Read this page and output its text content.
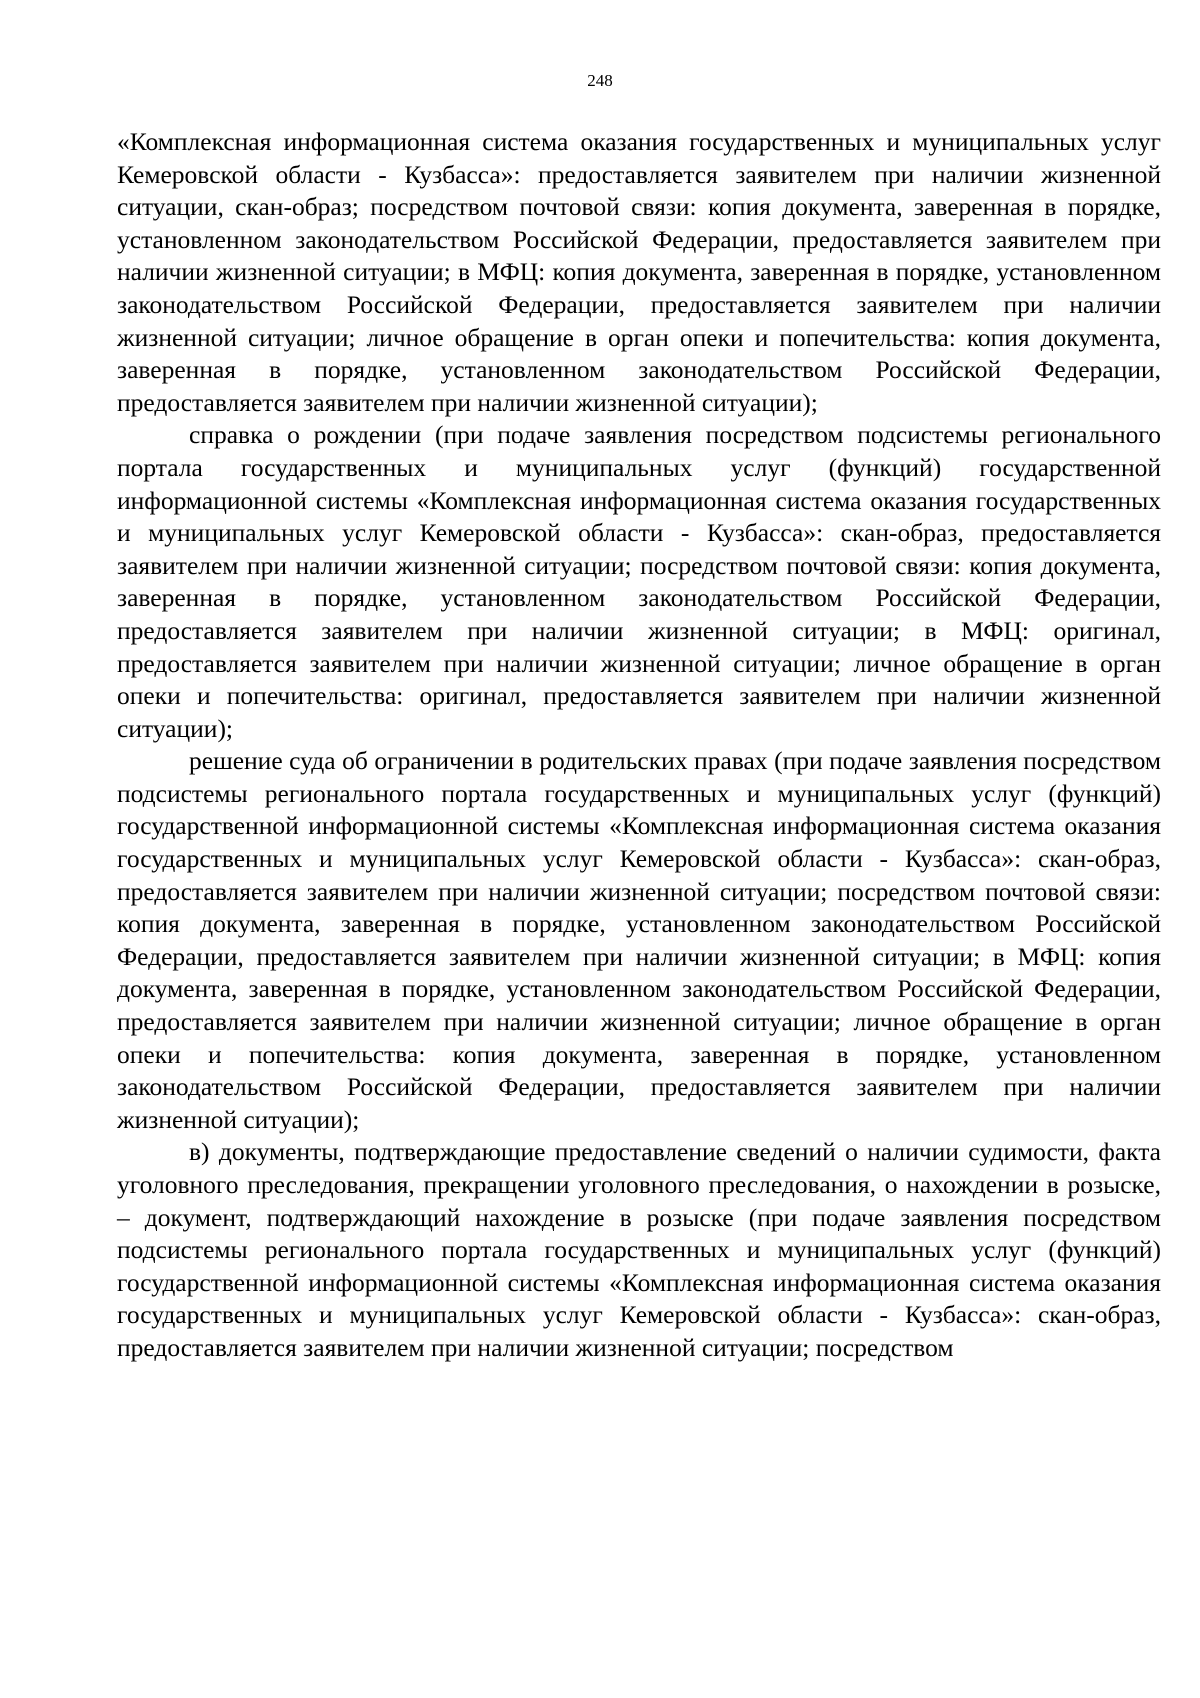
248

«Комплексная информационная система оказания государственных и муниципальных услуг Кемеровской области - Кузбасса»: предоставляется заявителем при наличии жизненной ситуации, скан-образ; посредством почтовой связи: копия документа, заверенная в порядке, установленном законодательством Российской Федерации, предоставляется заявителем при наличии жизненной ситуации; в МФЦ: копия документа, заверенная в порядке, установленном законодательством Российской Федерации, предоставляется заявителем при наличии жизненной ситуации; личное обращение в орган опеки и попечительства: копия документа, заверенная в порядке, установленном законодательством Российской Федерации, предоставляется заявителем при наличии жизненной ситуации);

справка о рождении (при подаче заявления посредством подсистемы регионального портала государственных и муниципальных услуг (функций) государственной информационной системы «Комплексная информационная система оказания государственных и муниципальных услуг Кемеровской области - Кузбасса»: скан-образ, предоставляется заявителем при наличии жизненной ситуации; посредством почтовой связи: копия документа, заверенная в порядке, установленном законодательством Российской Федерации, предоставляется заявителем при наличии жизненной ситуации; в МФЦ: оригинал, предоставляется заявителем при наличии жизненной ситуации; личное обращение в орган опеки и попечительства: оригинал, предоставляется заявителем при наличии жизненной ситуации);

решение суда об ограничении в родительских правах (при подаче заявления посредством подсистемы регионального портала государственных и муниципальных услуг (функций) государственной информационной системы «Комплексная информационная система оказания государственных и муниципальных услуг Кемеровской области - Кузбасса»: скан-образ, предоставляется заявителем при наличии жизненной ситуации; посредством почтовой связи: копия документа, заверенная в порядке, установленном законодательством Российской Федерации, предоставляется заявителем при наличии жизненной ситуации; в МФЦ: копия документа, заверенная в порядке, установленном законодательством Российской Федерации, предоставляется заявителем при наличии жизненной ситуации; личное обращение в орган опеки и попечительства: копия документа, заверенная в порядке, установленном законодательством Российской Федерации, предоставляется заявителем при наличии жизненной ситуации);

в) документы, подтверждающие предоставление сведений о наличии судимости, факта уголовного преследования, прекращении уголовного преследования, о нахождении в розыске, – документ, подтверждающий нахождение в розыске (при подаче заявления посредством подсистемы регионального портала государственных и муниципальных услуг (функций) государственной информационной системы «Комплексная информационная система оказания государственных и муниципальных услуг Кемеровской области - Кузбасса»: скан-образ, предоставляется заявителем при наличии жизненной ситуации; посредством
